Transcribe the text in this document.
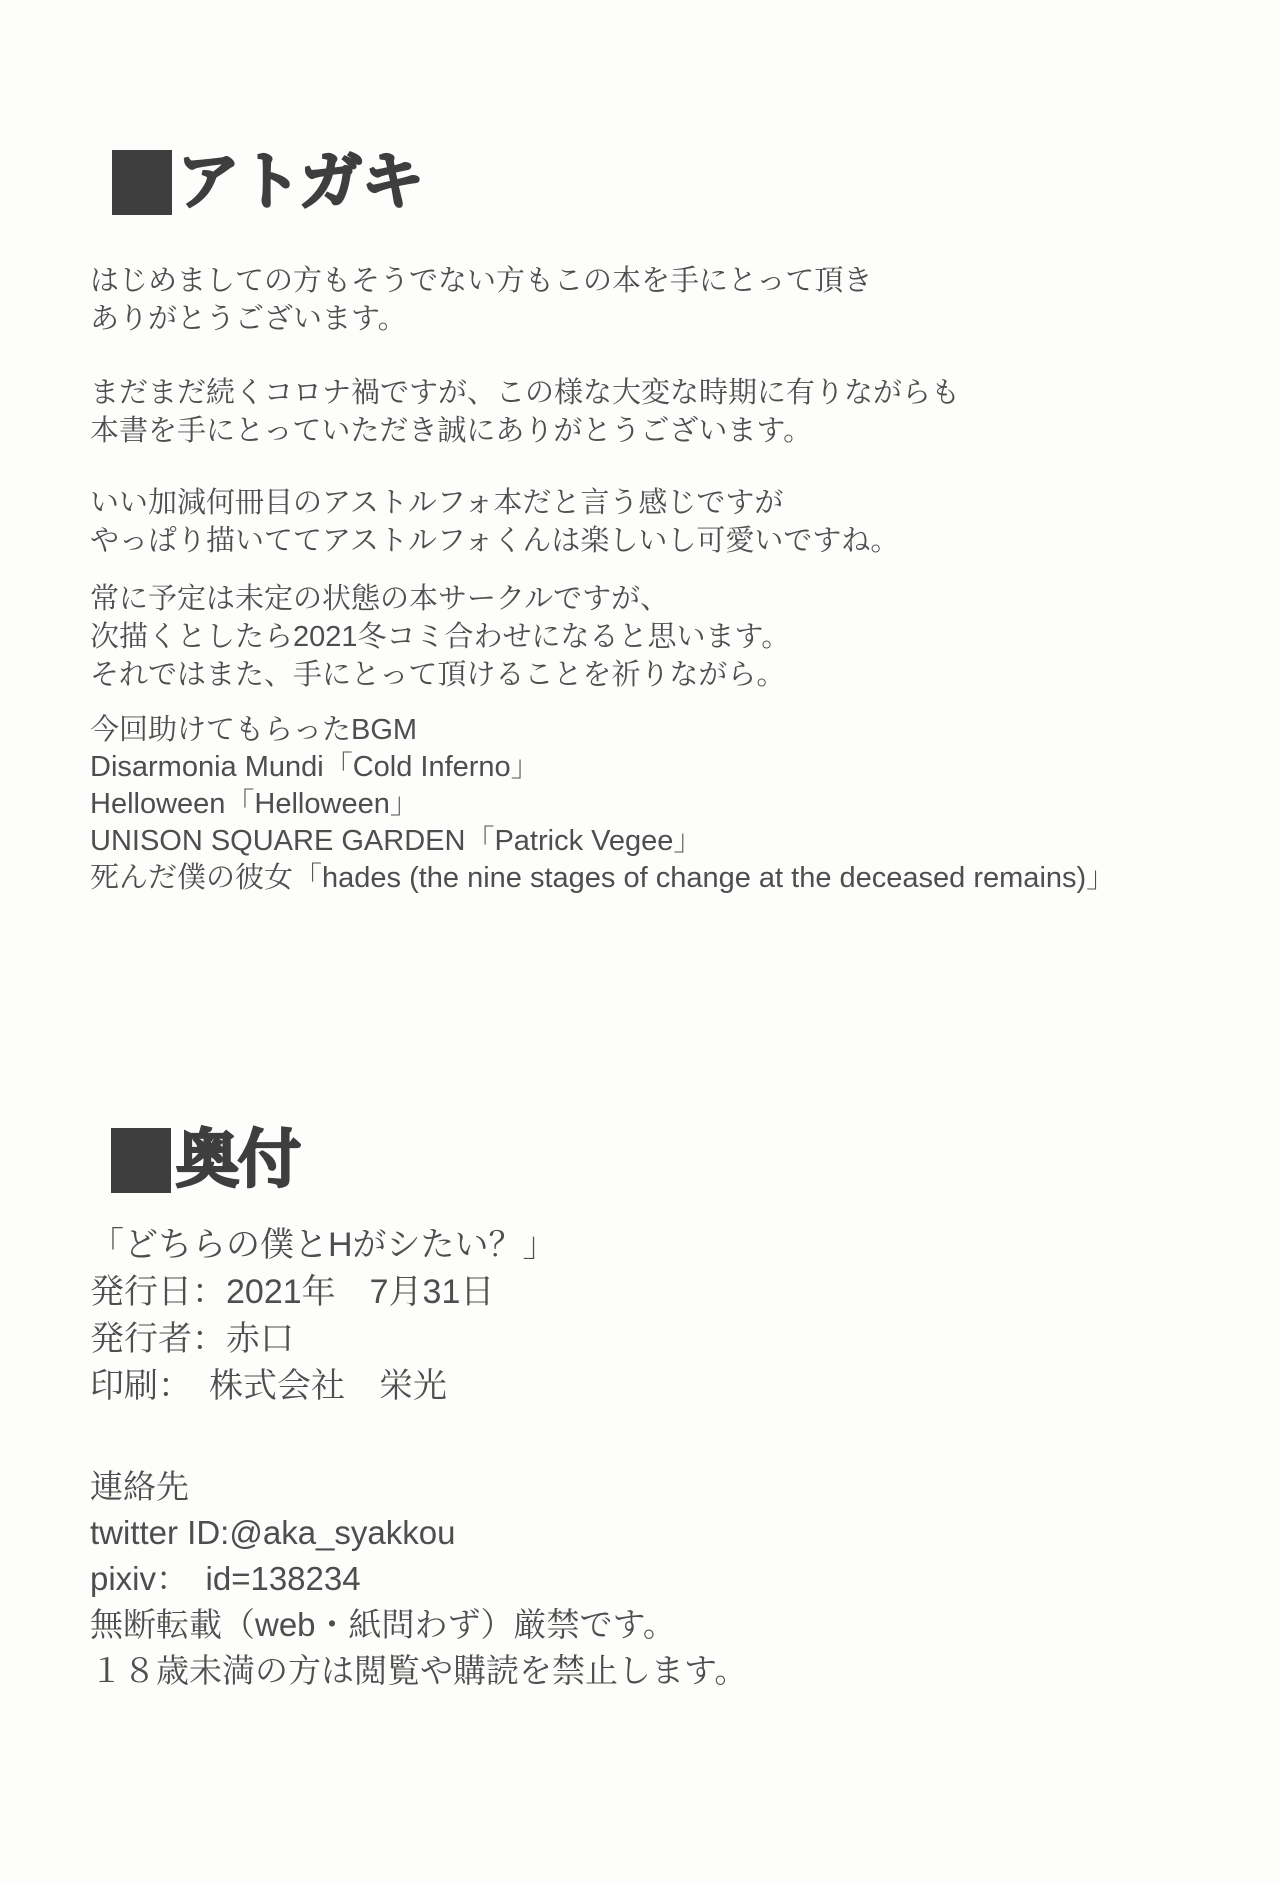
アトガキ
はじめましての方もそうでない方もこの本を手にとって頂き
ありがとうございます。
まだまだ続くコロナ禍ですが、この様な大変な時期に有りながらも
本書を手にとっていただき誠にありがとうございます。
いい加減何冊目のアストルフォ本だと言う感じですが
やっぱり描いててアストルフォくんは楽しいし可愛いですね。
常に予定は未定の状態の本サークルですが、
次描くとしたら2021冬コミ合わせになると思います。
それではまた、手にとって頂けることを祈りながら。
今回助けてもらったBGM
Disarmonia Mundi「Cold Inferno」
Helloween「Helloween」
UNISON SQUARE GARDEN「Patrick Vegee」
死んだ僕の彼女「hades (the nine stages of change at the deceased remains)」
奥付
「どちらの僕とHがシたい？」
発行日：2021年　7月31日
発行者：赤口
印刷：　株式会社　栄光
連絡先
twitter ID:@aka_syakkou
pixiv：　id=138234
無断転載（web・紙問わず）厳禁です。
１８歳未満の方は閲覧や購読を禁止します。
